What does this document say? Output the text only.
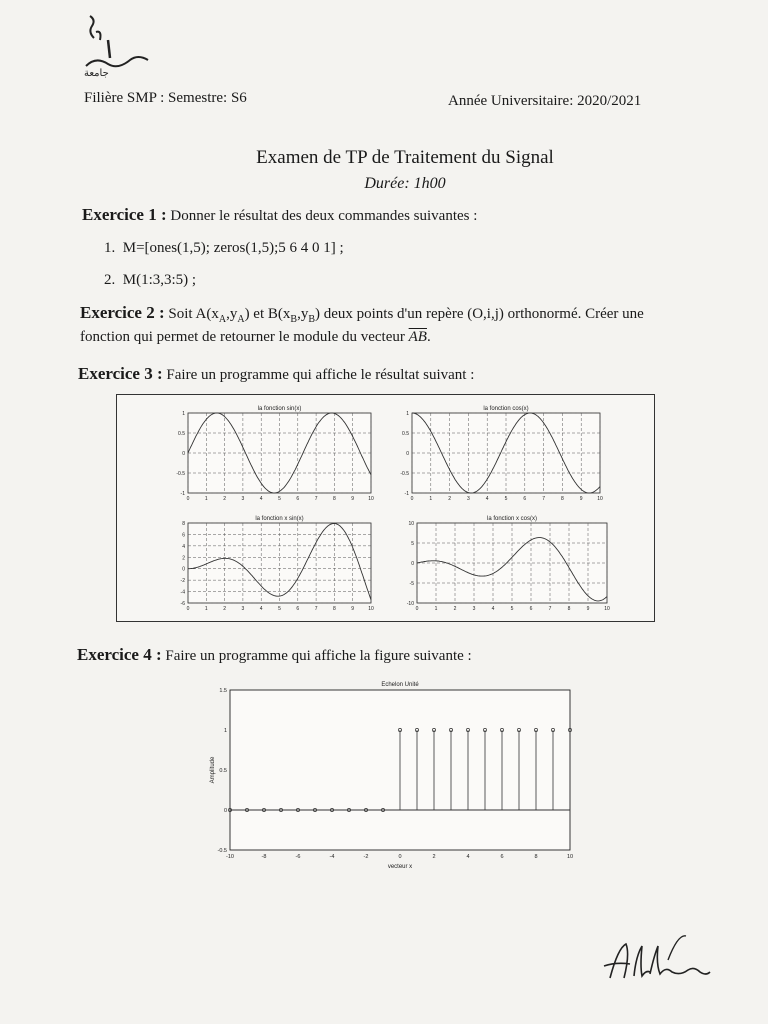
جامعة
Filière SMP : Semestre: S6	Année Universitaire: 2020/2021
Examen de TP de Traitement du Signal
Durée: 1h00
Exercice 1 : Donner le résultat des deux commandes suivantes :
1. M=[ones(1,5); zeros(1,5);5 6 4 0 1] ;
2. M(1:3,3:5) ;
Exercice 2 : Soit $A(x_A,y_A)$ et $B(x_B,y_B)$ deux points d'un repère (O,i,j) orthonormé. Créer une
fonction qui permet de retourner le module du vecteur $\overline{AB}$.
Exercice 3 : Faire un programme qui affiche le résultat suivant :
0	1	2	3	4	5	6	7	8	9	10
1
0.5
0
-0.5
-1
la fonction sin(x)
0	1	2	3	4	5	6	7	8	9	10
1
0.5
0
-0.5
-1
la fonction cos(x)
0	1	2	3	4	5	6	7	8	9	10
8
6
4
2
0
-2
-4
-6
la fonction x sin(x)
0	1	2	3	4	5	6	7	8	9	10
10
5
0
-5
-10
la fonction x cos(x)
Exercice 4 : Faire un programme qui affiche la figure suivante :
-10	-8	-6	-4	-2	0	2	4	6	8	10
1.5
1
0.5
0
-0.5
Echelon Unité
vecteur x
Amplitude
